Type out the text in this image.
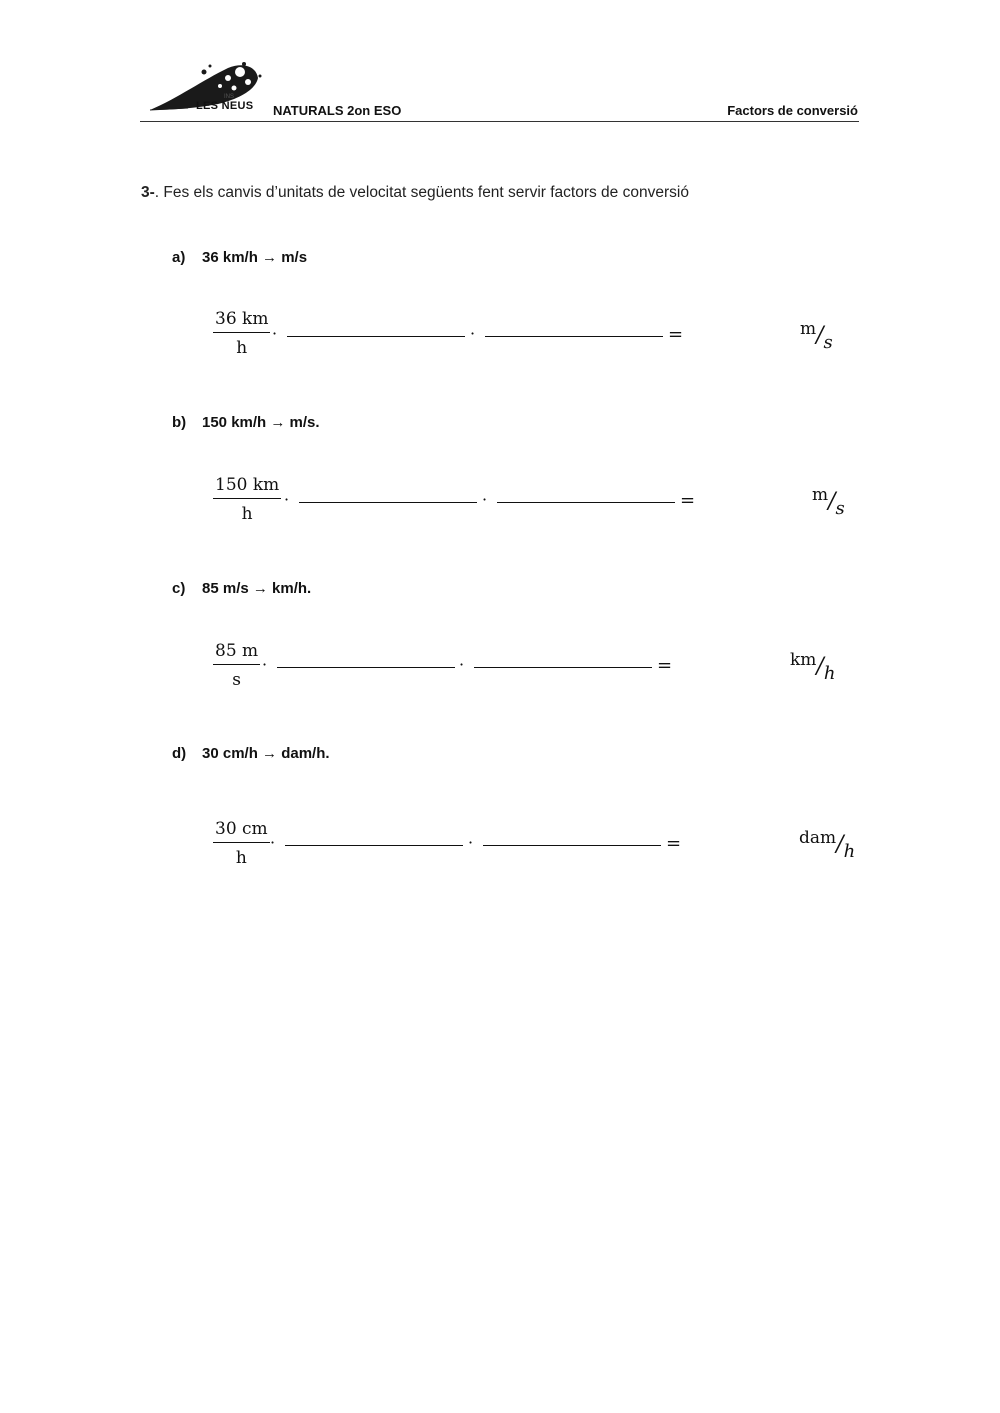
INS
LES NEUS NATURALS 2on ESO	Factors de conversió
3-. Fes els canvis d’unitats de velocitat següents fent servir factors de conversió
a) 36 km/h → m/s
$\frac{36 km}{h}$ ·	·	=	m/s
b) 150 km/h → m/s.
$\frac{150 km}{h}$ ·	·	=	m/s
c) 85 m/s → km/h.
$\frac{85 m}{s}$ ·	·	=	km/h
d) 30 cm/h → dam/h.
$\frac{30 cm}{h}$ ·	·	=	dam/h
